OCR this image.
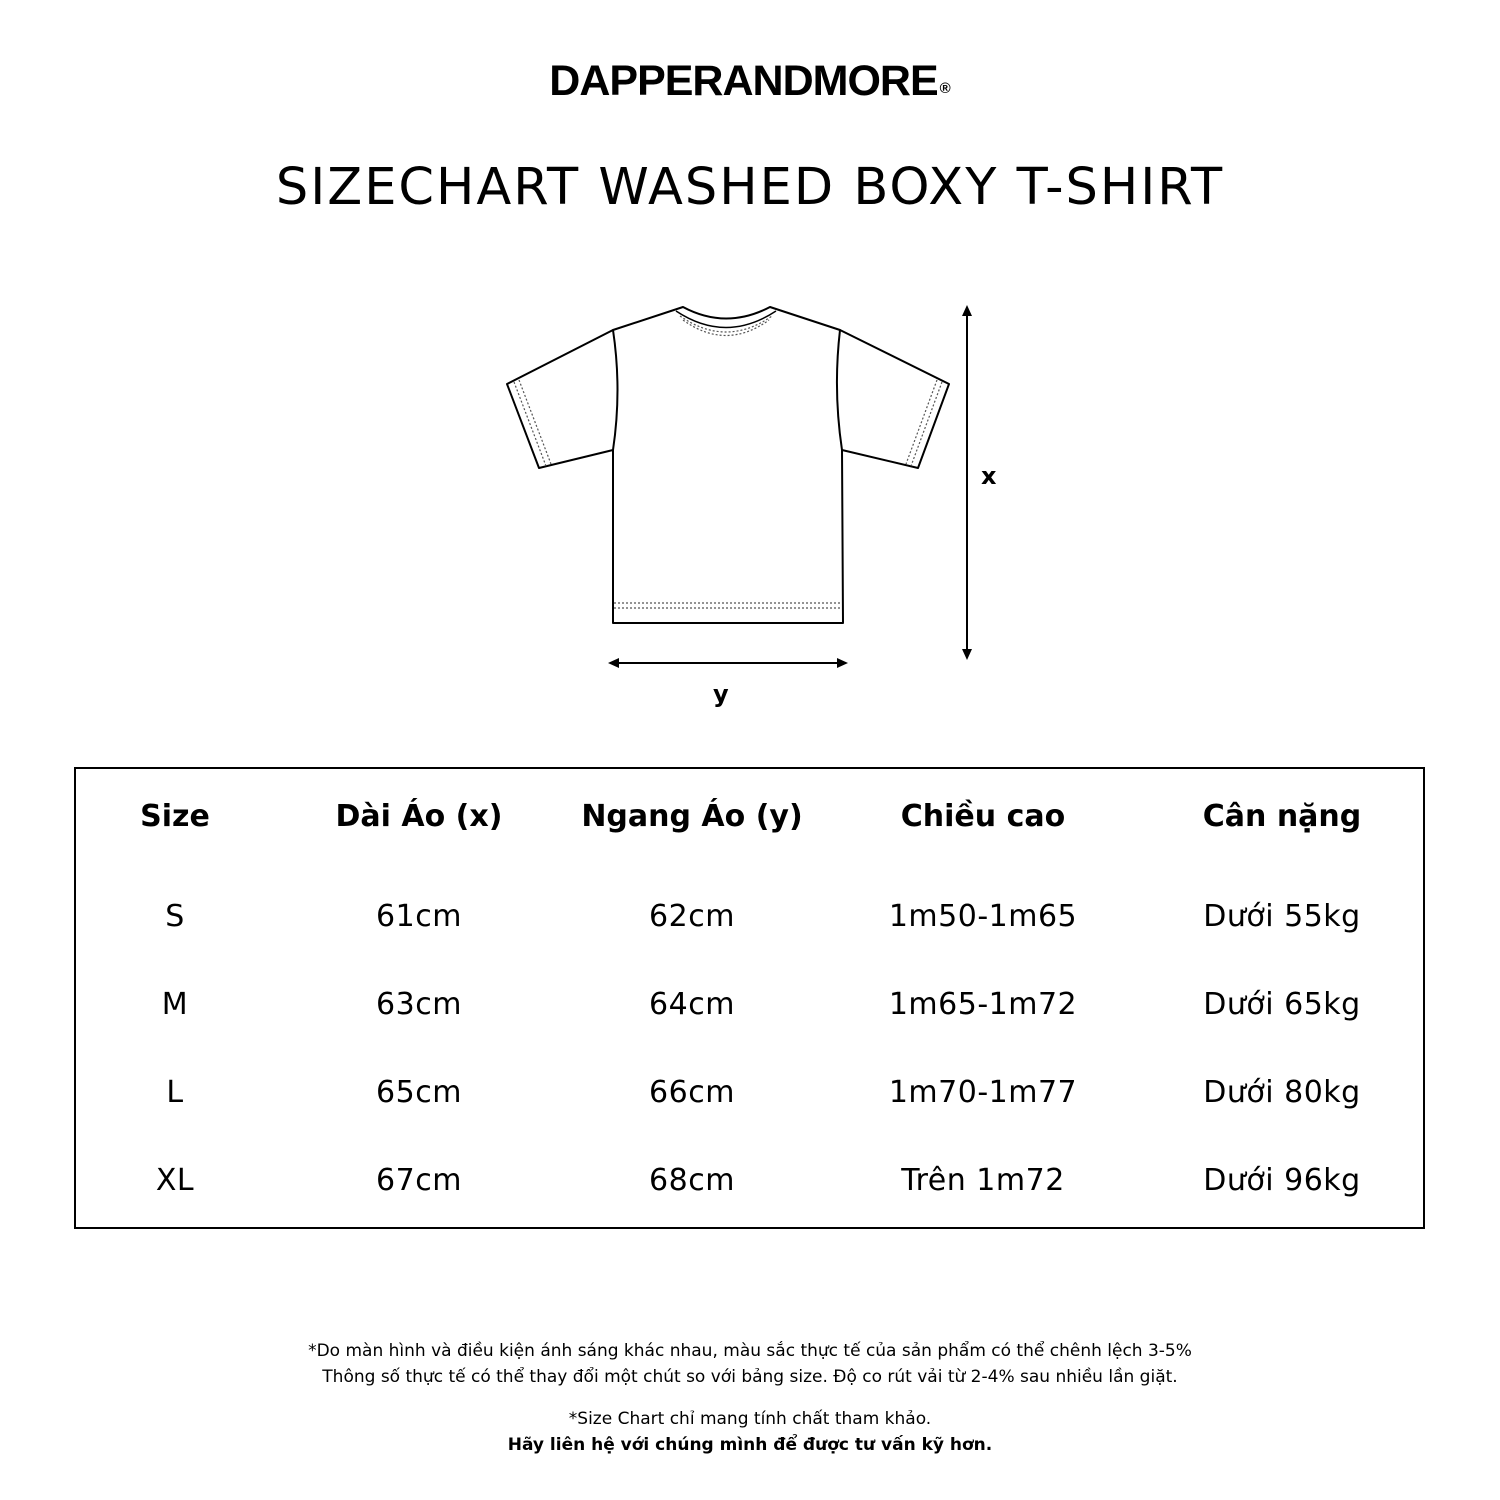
DAPPERANDMORE ®
SIZECHART WASHED BOXY T-SHIRT
x
y
Size	Dài Áo (x)	Ngang Áo (y)	Chiều cao	Cân nặng
S	61cm	62cm	1m50-1m65	Dưới 55kg
M	63cm	64cm	1m65-1m72	Dưới 65kg
L	65cm	66cm	1m70-1m77	Dưới 80kg
XL	67cm	68cm	Trên 1m72	Dưới 96kg
*Do màn hình và điều kiện ánh sáng khác nhau, màu sắc thực tế của sản phẩm có thể chênh lệch 3-5%
Thông số thực tế có thể thay đổi một chút so với bảng size. Độ co rút vải từ 2-4% sau nhiều lần giặt.
*Size Chart chỉ mang tính chất tham khảo.
Hãy liên hệ với chúng mình để được tư vấn kỹ hơn.
